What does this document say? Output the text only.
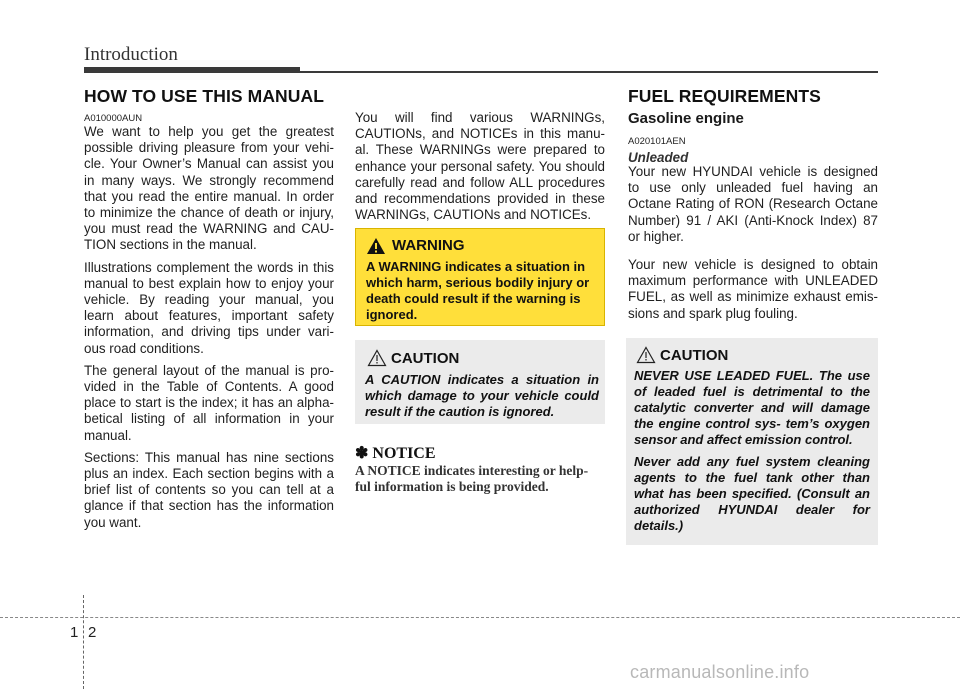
Introduction
HOW TO USE THIS MANUAL
A010000AUN

We want to help you get the greatest possible driving pleasure from your vehi- cle. Your Owner’s Manual can assist you in many ways. We strongly recommend that you read the entire manual. In order to minimize the chance of death or injury, you must read the WARNING and CAU- TION sections in the manual.

Illustrations complement the words in this manual to best explain how to enjoy your vehicle. By reading your manual, you learn about features, important safety information, and driving tips under vari- ous road conditions.

The general layout of the manual is pro- vided in the Table of Contents. A good place to start is the index; it has an alpha- betical listing of all information in your manual.

Sections: This manual has nine sections plus an index. Each section begins with a brief list of contents so you can tell at a glance if that section has the information you want.

You will find various WARNINGs, CAUTIONs, and NOTICEs in this manu- al. These WARNINGs were prepared to enhance your personal safety. You should carefully read and follow ALL procedures and recommendations provided in these WARNINGs, CAUTIONs and NOTICEs.
WARNING
A WARNING indicates a situation in which harm, serious bodily injury or death could result if the warning is ignored.
CAUTION
A CAUTION indicates a situation in which damage to your vehicle could result if the caution is ignored.
✽ NOTICE
A NOTICE indicates interesting or help- ful information is being provided.
FUEL REQUIREMENTS
Gasoline engine
A020101AEN
Unleaded

Your new HYUNDAI vehicle is designed to use only unleaded fuel having an Octane Rating of RON (Research Octane Number) 91 / AKI (Anti-Knock Index) 87 or higher.

Your new vehicle is designed to obtain maximum performance with UNLEADED FUEL, as well as minimize exhaust emis- sions and spark plug fouling.

CAUTION
NEVER USE LEADED FUEL. The use of leaded fuel is detrimental to the catalytic converter and will damage the engine control sys- tem’s oxygen sensor and affect emission control.
Never add any fuel system cleaning agents to the fuel tank other than what has been specified. (Consult an authorized HYUNDAI dealer for details.)
1 2
carmanualsonline.info
